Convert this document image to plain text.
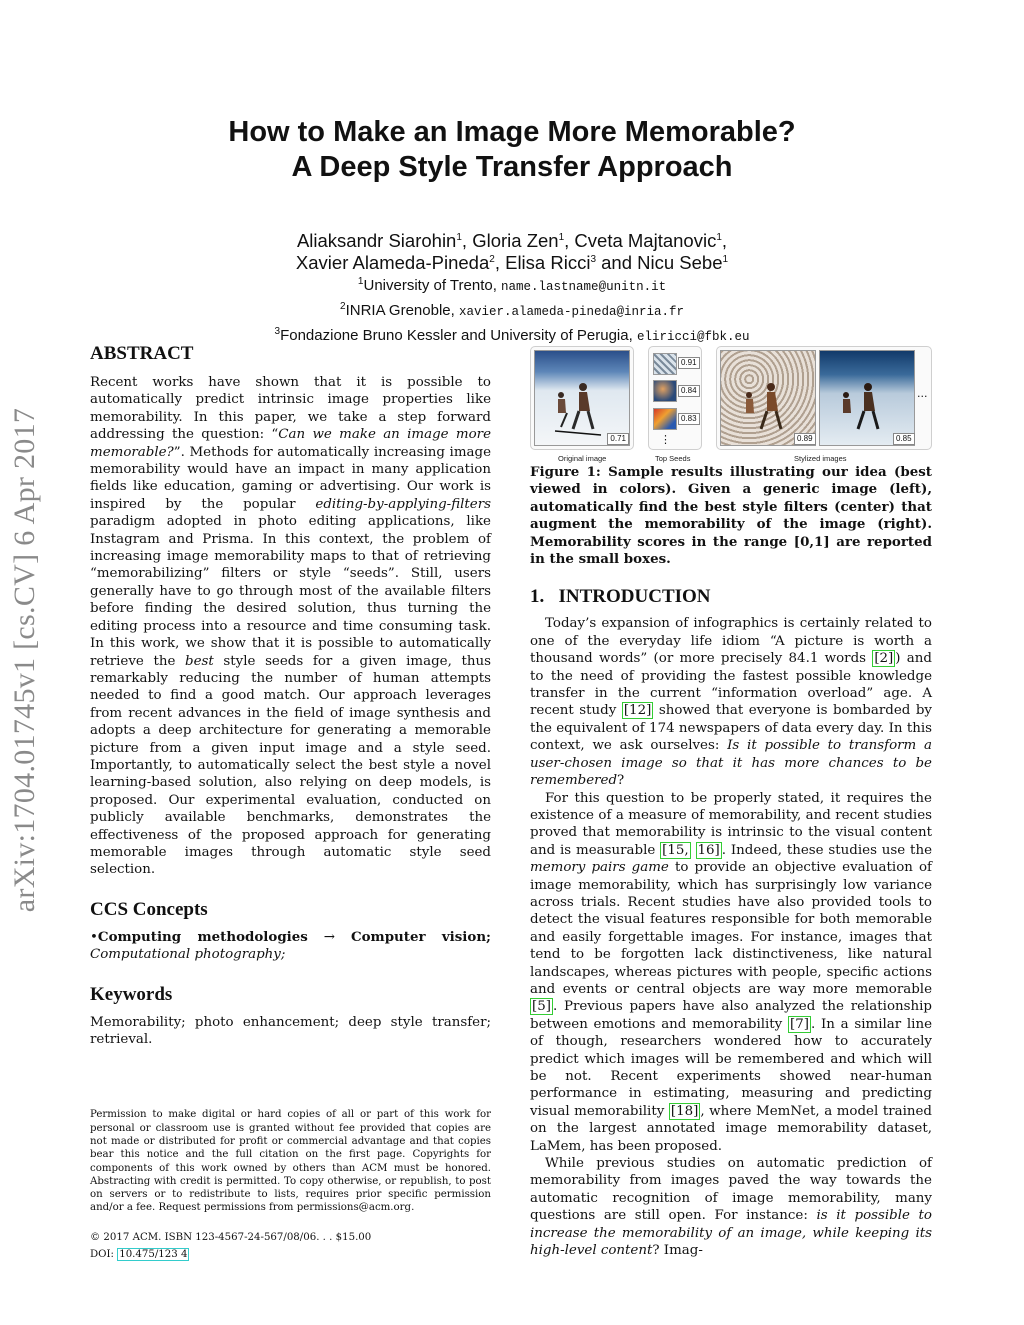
arXiv:1704.01745v1 [cs.CV] 6 Apr 2017
How to Make an Image More Memorable?
A Deep Style Transfer Approach
Aliaksandr Siarohin$^1$, Gloria Zen$^1$, Cveta Majtanovic$^1$,
Xavier Alameda-Pineda$^2$, Elisa Ricci$^3$ and Nicu Sebe$^1$
$^1$University of Trento, name.lastname@unitn.it
$^2$INRIA Grenoble, xavier.alameda-pineda@inria.fr
$^3$Fondazione Bruno Kessler and University of Perugia, eliricci@fbk.eu
ABSTRACT

Recent works have shown that it is possible to automatically predict intrinsic image properties like memorability. In this paper, we take a step forward addressing the question: “Can we make an image more memorable?”. Methods for automatically increasing image memorability would have an impact in many application fields like education, gaming or advertising. Our work is inspired by the popular editing-by-applying-filters paradigm adopted in photo editing applications, like Instagram and Prisma. In this context, the problem of increasing image memorability maps to that of retrieving “memorabilizing” filters or style “seeds”. Still, users generally have to go through most of the available filters before finding the desired solution, thus turning the editing process into a resource and time consuming task. In this work, we show that it is possible to automatically retrieve the best style seeds for a given image, thus remarkably reducing the number of human attempts needed to find a good match. Our approach leverages from recent advances in the field of image synthesis and adopts a deep architecture for generating a memorable picture from a given input image and a style seed. Importantly, to automatically select the best style a novel learning-based solution, also relying on deep models, is proposed. Our experimental evaluation, conducted on publicly available benchmarks, demonstrates the effectiveness of the proposed approach for generating memorable images through automatic style seed selection.

CCS Concepts

•Computing methodologies → Computer vision; Computational photography;

Keywords

Memorability; photo enhancement; deep style transfer; retrieval.

Permission to make digital or hard copies of all or part of this work for personal or classroom use is granted without fee provided that copies are not made or distributed for profit or commercial advantage and that copies bear this notice and the full citation on the first page. Copyrights for components of this work owned by others than ACM must be honored. Abstracting with credit is permitted. To copy otherwise, or republish, to post on servers or to redistribute to lists, requires prior specific permission and/or a fee. Request permissions from permissions@acm.org.

© 2017 ACM. ISBN 123-4567-24-567/08/06. . . $15.00

DOI: 10.475/123 4

0.71
Original image
0.91
0.84
0.83
⋮
Top Seeds
0.89	0.85
...
Stylized images

Figure 1: Sample results illustrating our idea (best viewed in colors). Given a generic image (left), automatically find the best style filters (center) that augment the memorability of the image (right). Memorability scores in the range [0,1] are reported in the small boxes.

1.   INTRODUCTION

Today’s expansion of infographics is certainly related to one of the everyday life idiom “A picture is worth a thousand words” (or more precisely 84.1 words [2] ) and to the need of providing the fastest possible knowledge transfer in the current “information overload” age. A recent study [12] showed that everyone is bombarded by the equivalent of 174 newspapers of data every day. In this context, we ask ourselves: Is it possible to transform a user-chosen image so that it has more chances to be remembered?

For this question to be properly stated, it requires the existence of a measure of memorability, and recent studies proved that memorability is intrinsic to the visual content and is measurable [15, 16] . Indeed, these studies use the memory pairs game to provide an objective evaluation of image memorability, which has surprisingly low variance across trials. Recent studies have also provided tools to detect the visual features responsible for both memorable and easily forgettable images. For instance, images that tend to be forgotten lack distinctiveness, like natural landscapes, whereas pictures with people, specific actions and events or central objects are way more memorable [5] . Previous papers have also analyzed the relationship between emotions and memorability [7] . In a similar line of though, researchers wondered how to accurately predict which images will be remembered and which will be not. Recent experiments showed near-human performance in estimating, measuring and predicting visual memorability [18] , where MemNet, a model trained on the largest annotated image memorability dataset, LaMem, has been proposed.

While previous studies on automatic prediction of memorability from images paved the way towards the automatic recognition of image memorability, many questions are still open. For instance: is it possible to increase the memorability of an image, while keeping its high-level content? Imag-
